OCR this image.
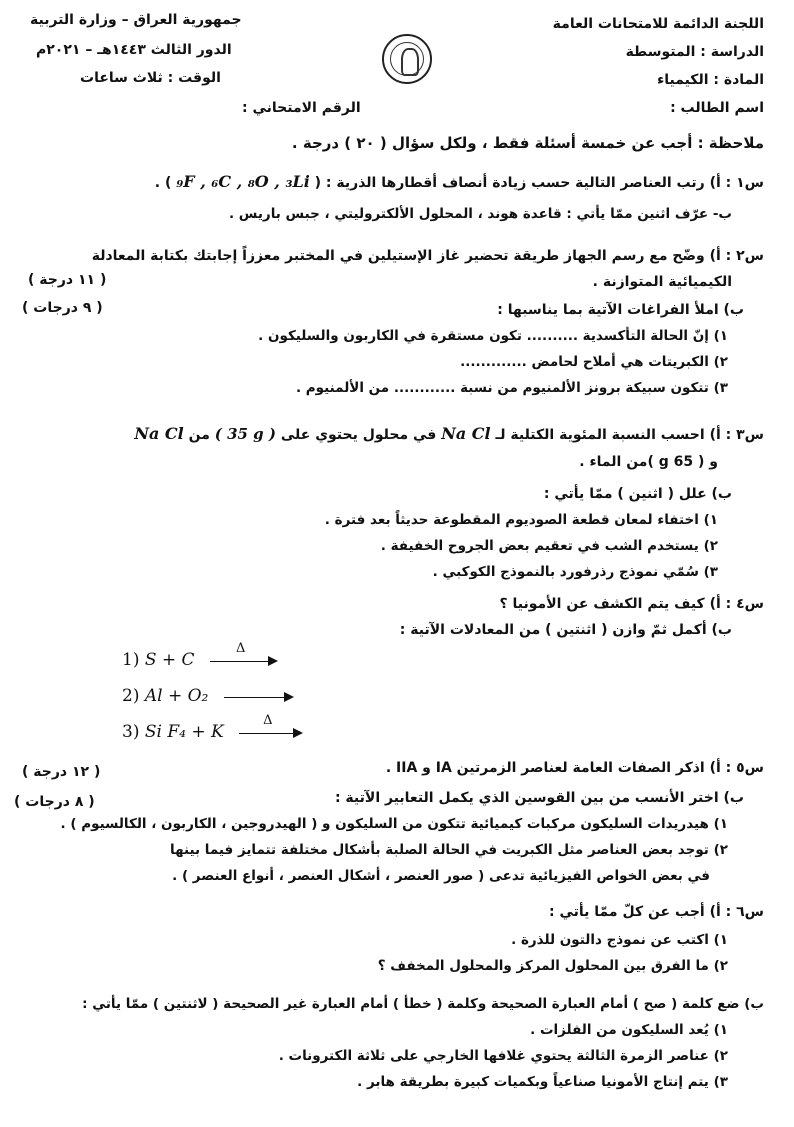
اللجنة الدائمة للامتحانات العامة
الدراسة : المتوسطة
المادة : الكيمياء
اسم الطالب :
جمهورية العراق – وزارة التربية
الدور الثالث ١٤٤٣هـ – ٢٠٢١م
الوقت : ثلاث ساعات
الرقم الامتحاني :
ملاحظة : أجب عن خمسة أسئلة فقط ، ولكل سؤال ( ٢٠ ) درجة .
س١ : أ) رتب العناصر التالية حسب زيادة أنصاف أقطارها الذرية : ( ₉F , ₆C , ₈O , ₃Li ) .
ب- عرّف اثنين ممّا يأتي : قاعدة هوند ، المحلول الألكتروليتي ، جبس باريس .
س٢ : أ) وضّح مع رسم الجهاز طريقة تحضير غاز الإستيلين في المختبر معززاً إجابتك بكتابة المعادلة
الكيميائية المتوازنة .
( ١١ درجة )
( ٩ درجات )	ب) املأ الفراغات الآتية بما يناسبها :
١) إنّ الحالة التأكسدية .......... تكون مستقرة في الكاربون والسليكون .
٢) الكبريتات هي أملاح لحامض .............
٣) تتكون سبيكة برونز الألمنيوم من نسبة ............ من الألمنيوم .
س٣ : أ) احسب النسبة المئوية الكتلية لـ Na Cl في محلول يحتوي على ( 35 g ) من Na Cl
و ( 65 g )من الماء .
ب) علل ( اثنين ) ممّا يأتي :
١) اختفاء لمعان قطعة الصوديوم المقطوعة حديثاً بعد فترة .
٢) يستخدم الشب في تعقيم بعض الجروح الخفيفة .
٣) سُمّي نموذج رذرفورد بالنموذج الكوكبي .
س٤ : أ) كيف يتم الكشف عن الأمونيا ؟
ب) أكمل ثمّ وازن ( اثنتين ) من المعادلات الآتية :
1) S + C
Δ
2) Al + O₂
3) Si F₄ + K
Δ
س٥ : أ) اذكر الصفات العامة لعناصر الزمرتين IA و IIA .
( ١٢ درجة )
( ٨ درجات )	ب) اختر الأنسب من بين القوسين الذي يكمل التعابير الآتية :
١) هيدريدات السليكون مركبات كيميائية تتكون من السليكون و ( الهيدروجين ، الكاربون ، الكالسيوم ) .
٢) توجد بعض العناصر مثل الكبريت في الحالة الصلبة بأشكال مختلفة تتمايز فيما بينها
في بعض الخواص الفيزيائية تدعى ( صور العنصر ، أشكال العنصر ، أنواع العنصر ) .
س٦ : أ) أجب عن كلّ ممّا يأتي :
١) اكتب عن نموذج دالتون للذرة .
٢) ما الفرق بين المحلول المركز والمحلول المخفف ؟
ب) ضع كلمة ( صح ) أمام العبارة الصحيحة وكلمة ( خطأ ) أمام العبارة غير الصحيحة ( لاثنتين ) ممّا يأتي :
١) يُعد السليكون من الفلزات .
٢) عناصر الزمرة الثالثة يحتوي غلافها الخارجي على ثلاثة الكترونات .
٣) يتم إنتاج الأمونيا صناعياً وبكميات كبيرة بطريقة هابر .
